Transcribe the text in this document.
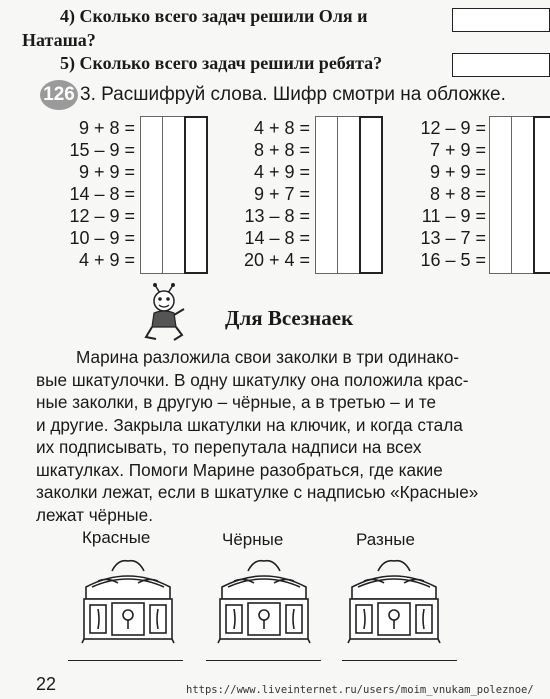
4) Сколько всего задач решили Оля и
Наташа?
5) Сколько всего задач решили ребята?
126 3. Расшифруй слова. Шифр смотри на обложке.
9 + 8 =
15 – 9 =
9 + 9 =
14 – 8 =
12 – 9 =
10 – 9 =
4 + 9 =
4 + 8 =
8 + 8 =
4 + 9 =
9 + 7 =
13 – 8 =
14 – 8 =
20 + 4 =
12 – 9 =
7 + 9 =
9 + 9 =
8 + 8 =
11 – 9 =
13 – 7 =
16 – 5 =
Для Всезнаек
Марина разложила свои заколки в три одинако-
вые шкатулочки. В одну шкатулку она положила крас-
ные заколки, в другую – чёрные, а в третью – и те
и другие. Закрыла шкатулки на ключик, и когда стала
их подписывать, то перепутала надписи на всех
шкатулках. Помоги Марине разобраться, где какие
заколки лежат, если в шкатулке с надписью «Красные»
лежат чёрные.
Красные	Чёрные	Разные
22	https://www.liveinternet.ru/users/moim_vnukam_poleznoe/
